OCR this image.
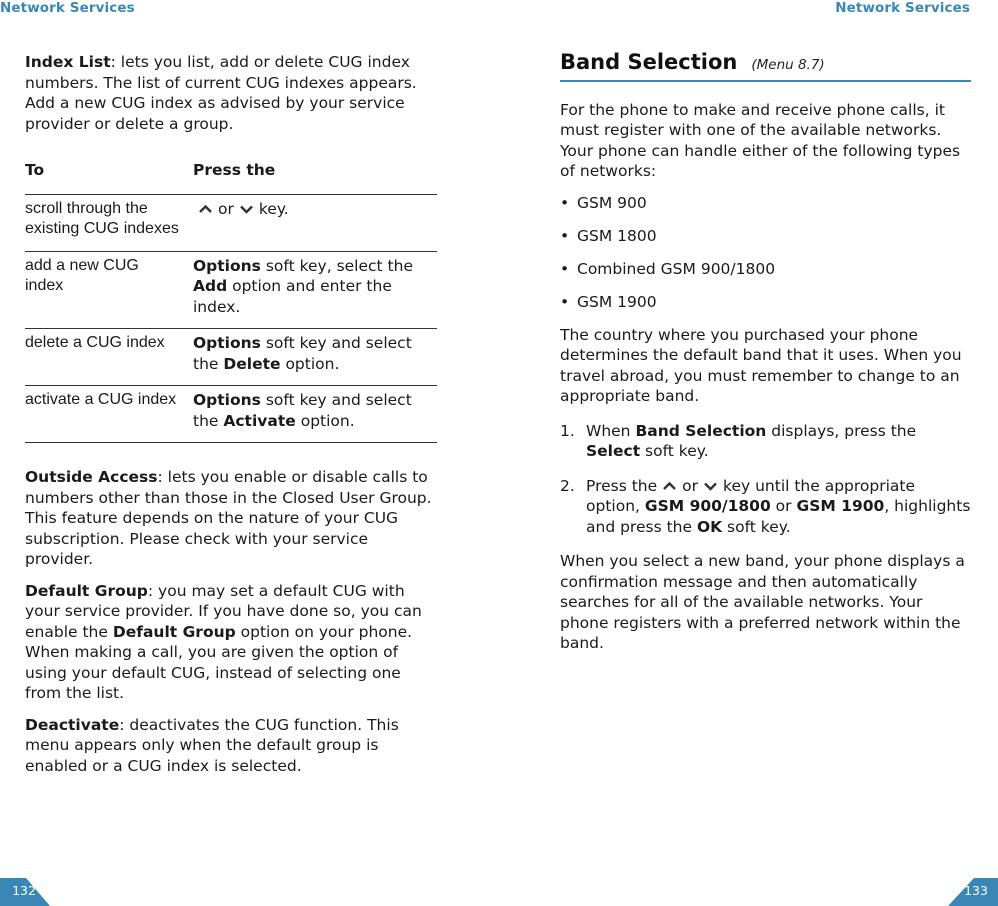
Network Services	Network Services

Index List: lets you list, add or delete CUG index numbers. The list of current CUG indexes appears. Add a new CUG index as advised by your service provider or delete a group.

To	Press the
scroll through the existing CUG indexes	or key.
add a new CUG index	Options soft key, select the Add option and enter the index.
delete a CUG index	Options soft key and select the Delete option.
activate a CUG index	Options soft key and select the Activate option.

Outside Access: lets you enable or disable calls to numbers other than those in the Closed User Group. This feature depends on the nature of your CUG subscription. Please check with your service provider.

Default Group: you may set a default CUG with your service provider. If you have done so, you can enable the Default Group option on your phone. When making a call, you are given the option of using your default CUG, instead of selecting one from the list.

Deactivate: deactivates the CUG function. This menu appears only when the default group is enabled or a CUG index is selected.

Band Selection (Menu 8.7)

For the phone to make and receive phone calls, it must register with one of the available networks. Your phone can handle either of the following types of networks:

• GSM 900
• GSM 1800
• Combined GSM 900/1800
• GSM 1900

The country where you purchased your phone determines the default band that it uses. When you travel abroad, you must remember to change to an appropriate band.

1. When Band Selection displays, press the Select soft key.
2. Press the or key until the appropriate option, GSM 900/1800 or GSM 1900, highlights and press the OK soft key.

When you select a new band, your phone displays a confirmation message and then automatically searches for all of the available networks. Your phone registers with a preferred network within the band.

132	133
